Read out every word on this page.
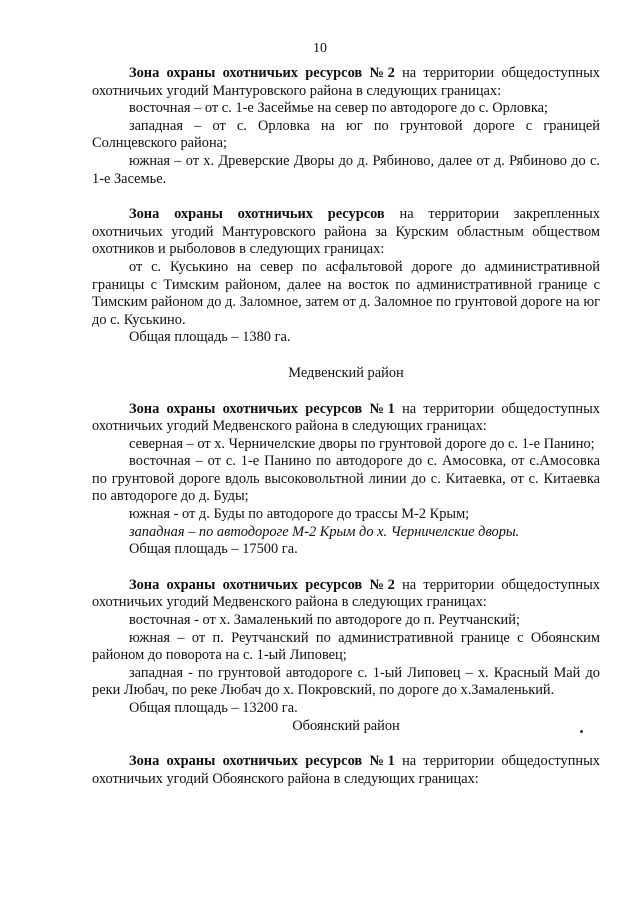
10

Зона охраны охотничьих ресурсов №2 на территории общедоступных охотничьих угодий Мантуровского района в следующих границах:

восточная – от с. 1-е Засеймье на север по автодороге до с. Орловка;

западная – от с. Орловка на юг по грунтовой дороге с границей Солнцевского района;

южная – от х. Древерские Дворы до д. Рябиново, далее от д. Рябиново до с. 1-е Засемье.

Зона охраны охотничьих ресурсов на территории закрепленных охотничьих угодий Мантуровского района за Курским областным обществом охотников и рыболовов в следующих границах:

от с. Куськино на север по асфальтовой дороге до административной границы с Тимским районом, далее на восток по административной границе с Тимским районом до д. Заломное, затем от д. Заломное по грунтовой дороге на юг до с. Куськино.

Общая площадь – 1380 га.

Медвенский район

Зона охраны охотничьих ресурсов №1 на территории общедоступных охотничьих угодий Медвенского района в следующих границах:

северная – от х. Черничелские дворы по грунтовой дороге до с. 1-е Панино;

восточная – от с. 1-е Панино по автодороге до с. Амосовка, от с.Амосовка по грунтовой дороге вдоль высоковольтной линии до с. Китаевка, от с. Китаевка по автодороге до д. Буды;

южная - от д. Буды по автодороге до трассы М-2 Крым;

западная – по автодороге М-2 Крым до х. Черничелские дворы.

Общая площадь – 17500 га.

Зона охраны охотничьих ресурсов №2 на территории общедоступных охотничьих угодий Медвенского района в следующих границах:

восточная - от х. Замаленький по автодороге до п. Реутчанский;

южная – от п. Реутчанский по административной границе с Обоянским районом до поворота на с. 1-ый Липовец;

западная - по грунтовой автодороге с. 1-ый Липовец – х. Красный Май до реки Любач, по реке Любач до х. Покровский, по дороге до х.Замаленький.

Общая площадь – 13200 га.

Обоянский район

Зона охраны охотничьих ресурсов №1 на территории общедоступных охотничьих угодий Обоянского района в следующих границах:
